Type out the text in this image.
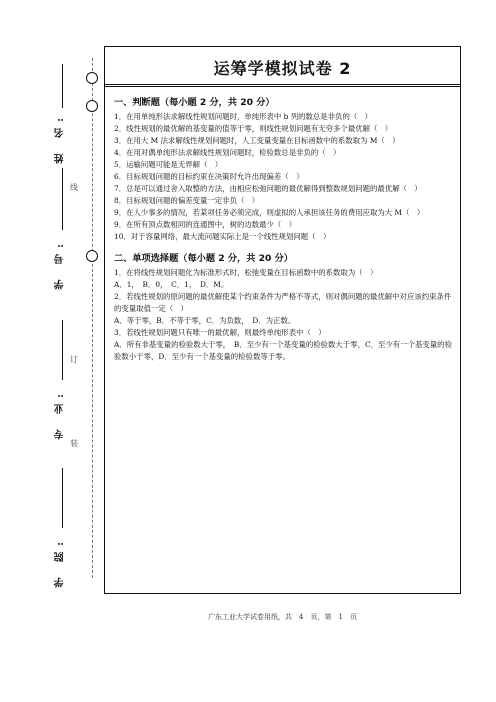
学 院:
专 业:
学 号:
姓 名:
装
订
线
运筹学模拟试卷 2
一、判断题（每小题 2 分，共 20 分）
1．在用单纯形法求解线性规划问题时，单纯形表中 b 列的数总是非负的（　）
2．线性规划的最优解的基变量的值等于零，则线性规划问题有无穷多个最优解（　）
3．在用大 M 法求解线性规划问题时，人工变量变量在目标函数中的系数取为 M（　）
4．在用对偶单纯形法求解线性规划问题时，检验数总是非负的（　）
5．运输问题可能是无界解（　）
6．目标规划问题的目标约束在决策时允许出现偏差（　）
7．总是可以通过舍入取整的方法，由相应松弛问题的最优解得到整数规划问题的最优解（　）
8．目标规划问题的偏差变量一定非负（　）
9．在人少事多的情况，若某项任务必须完成，则虚拟的人承担该任务的费用应取为大 M（　）
9．在所有顶点数相同的连通图中，树的边数最少（　）
10．对于容量网络，最大流问题实际上是一个线性规划问题（　）
二、单项选择题（每小题 2 分，共 20 分）
1．在将线性规划问题化为标准形式时，松弛变量在目标函数中的系数取为（　）
A．1，　B．0，　C．1，　D．M。
2．若线性规划的原问题的最优解使某个约束条件为严格不等式，则对偶问题的最优解中对应该约束条件的变量取值一定（　）
A．等于零，B．不等于零，C．为负数，　D．为正数。
3．若线性规划问题只有唯一的最优解，则最终单纯形表中（　）
A．所有非基变量的检验数大于零，　B．至少有一个基变量的检验数大于零，C．至少有一个基变量的检验数小于零，D．至少有一个基变量的检验数等于零。
广东工业大学试卷用纸，共　4　页，第　1　页
